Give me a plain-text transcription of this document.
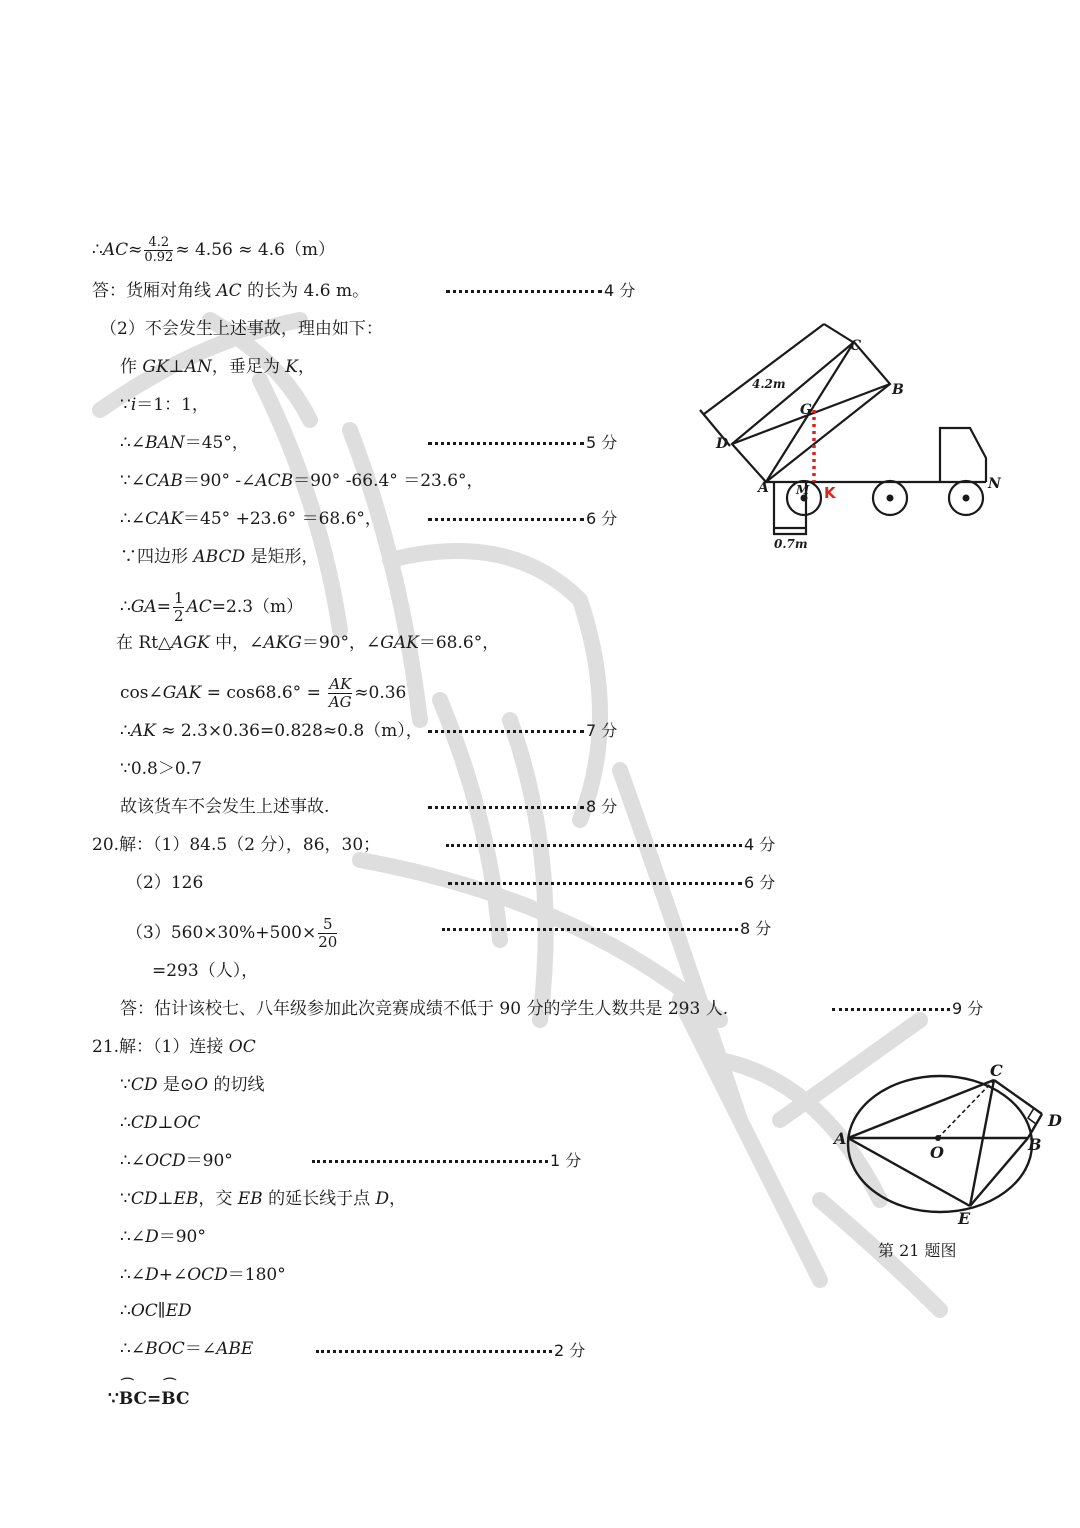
∴AC≈ $\frac{4.2}{0.92} \approx 4.56 \approx 4.6(m)$
答：货厢对角线 AC 的长为 4.6 m。	4 分
（2）不会发生上述事故，理由如下：
作 GK⊥AN，垂足为 K，
∵i＝1：1，
∴∠BAN＝45°，	5 分
∵∠CAB＝90° -∠ACB＝90° -66.4° ＝23.6°，
∴∠CAK＝45° +23.6° ＝68.6°，	6 分
∵四边形 ABCD 是矩形，
∴GA= $\frac{1}{2} AC=2.3(m)$
在 Rt△AGK 中，∠AKG＝90°，∠GAK＝68.6°，
cos∠GAK = $\cos 68.6^\circ = \frac{AK}{AG} \approx 0.36$
∴AK ≈ 2.3×0.36=0.828≈0.8（m），	7 分
∵0.8＞0.7
故该货车不会发生上述事故.	8 分
20.解：（1）84.5（2 分），86，30；	4 分
（2）126	6 分
$(3)560\times 30\%+500\times \frac{5}{20}$	8 分
=293（人），
答：估计该校七、八年级参加此次竞赛成绩不低于 90 分的学生人数共是 293 人.	9 分
21.解：（1）连接 OC
∵CD 是⊙O 的切线
∴CD⊥OC
∴∠OCD＝90°	1 分
∵CD⊥EB，交 EB 的延长线于点 D，
∴∠D＝90°
∴∠D+∠OCD＝180°
∴OC∥ED
∴∠BOC＝∠ABE	2 分
∵⌒ BC=⌒ BC
C
B
G
D
A M	N
4.2m
0.7m
K
C
D
A
O	B
E
第 21 题图
